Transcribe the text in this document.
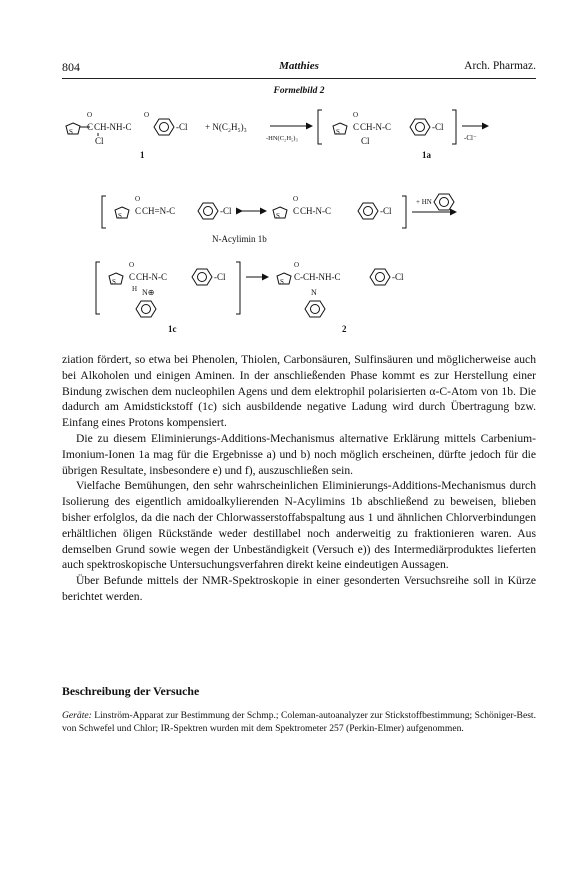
804	Matthies	Arch. Pharmaz.
Formelbild 2
S C
O
CH-NH-C
Cl
O
-Cl
1
+ N(C₂H₅)₃
-HN(C₂H₅)₃
S C
O
CH-N-C
Cl
-Cl
1a
-Cl⁻
S C
O
CH=N-C	-Cl	S C
O
CH-N-C	-Cl
N-Acylimin 1b
+ HN
S C
O
CH-N-C
H N⊕
-Cl
1c
S C-CH-NH-C
O
N
-Cl
2

ziation fördert, so etwa bei Phenolen, Thiolen, Carbonsäuren, Sulfinsäuren und möglicherweise auch bei Alkoholen und einigen Aminen. In der anschließenden Phase kommt es zur Herstellung einer Bindung zwischen dem nucleophilen Agens und dem elektrophil polarisierten α-C-Atom von 1b. Die dadurch am Amidstickstoff (1c) sich ausbildende negative Ladung wird durch Übertragung bzw. Einfang eines Protons kompensiert.

Die zu diesem Eliminierungs-Additions-Mechanismus alternative Erklärung mittels Carbenium-Imonium-Ionen 1a mag für die Ergebnisse a) und b) noch möglich erscheinen, dürfte jedoch für die übrigen Resultate, insbesondere e) und f), auszuschließen sein.

Vielfache Bemühungen, den sehr wahrscheinlichen Eliminierungs-Additions-Mechanismus durch Isolierung des eigentlich amidoalkylierenden N-Acylimins 1b abschließend zu beweisen, blieben bisher erfolglos, da die nach der Chlorwasserstoffabspaltung aus 1 und ähnlichen Chlorverbindungen erhältlichen öligen Rückstände weder destillabel noch anderweitig zu fraktionieren waren. Aus demselben Grund sowie wegen der Unbeständigkeit (Versuch e)) des Intermediärproduktes lieferten auch spektroskopische Untersuchungsverfahren direkt keine eindeutigen Aussagen.

Über Befunde mittels der NMR-Spektroskopie in einer gesonderten Versuchsreihe soll in Kürze berichtet werden.

Beschreibung der Versuche
Geräte: Linström-Apparat zur Bestimmung der Schmp.; Coleman-autoanalyzer zur Stickstoffbestimmung; Schöniger-Best. von Schwefel und Chlor; IR-Spektren wurden mit dem Spektrometer 257 (Perkin-Elmer) aufgenommen.
